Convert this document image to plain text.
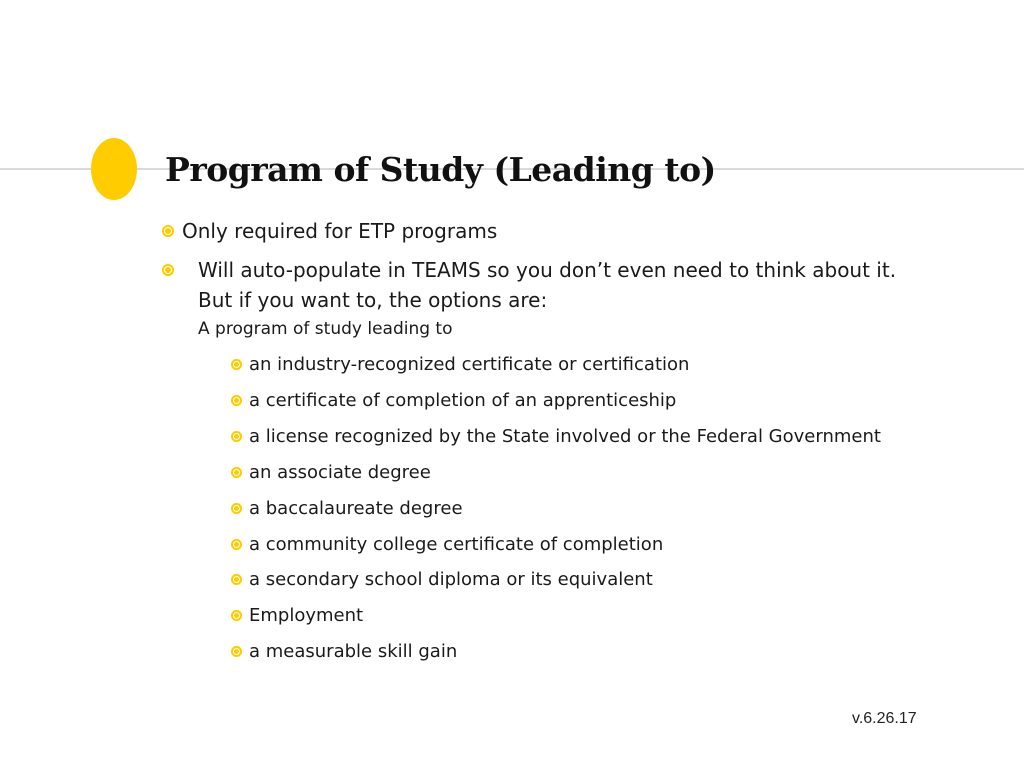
Program of Study (Leading to)
Only required for ETP programs
Will auto-populate in TEAMS so you don’t even need to think about it.
But if you want to, the options are:
A program of study leading to
an industry-recognized certificate or certification
a certificate of completion of an apprenticeship
a license recognized by the State involved or the Federal Government
an associate degree
a baccalaureate degree
a community college certificate of completion
a secondary school diploma or its equivalent
Employment
a measurable skill gain
v.6.26.17
